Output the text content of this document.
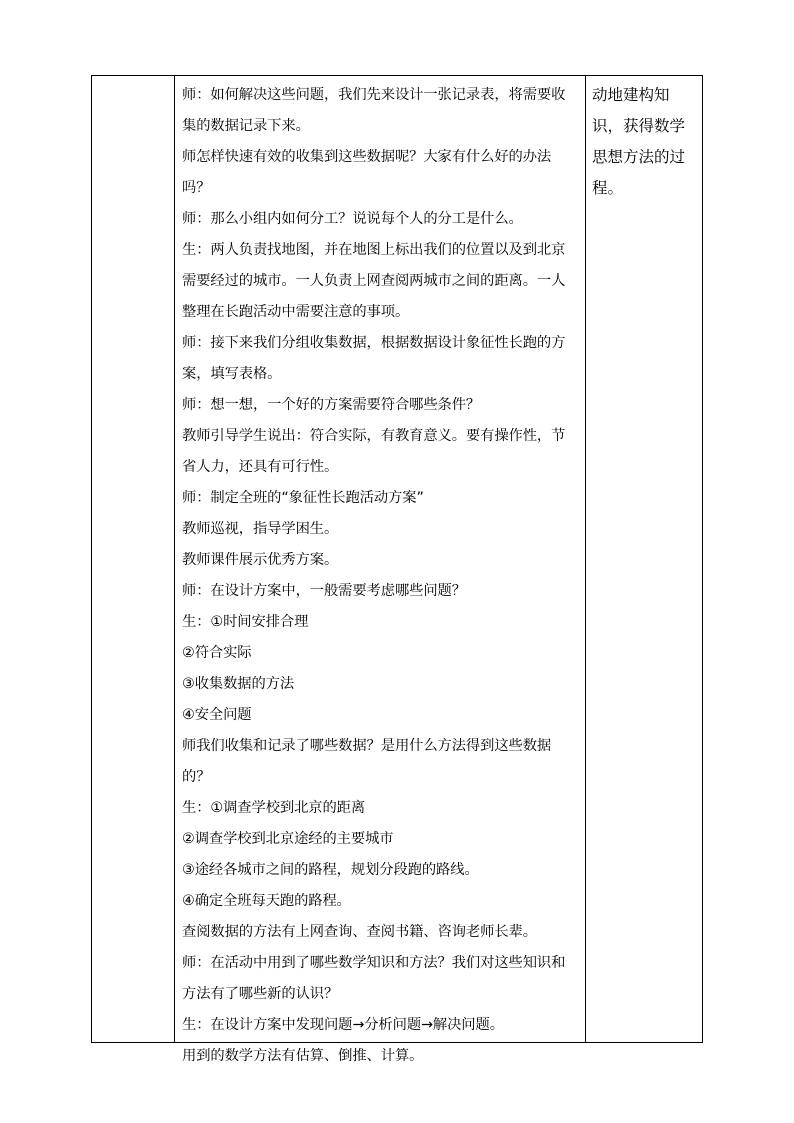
师：如何解决这些问题，我们先来设计一张记录表，将需要收集的数据记录下来。

师怎样快速有效的收集到这些数据呢？大家有什么好的办法吗？

师：那么小组内如何分工？说说每个人的分工是什么。

生：两人负责找地图，并在地图上标出我们的位置以及到北京需要经过的城市。一人负责上网查阅两城市之间的距离。一人整理在长跑活动中需要注意的事项。

师：接下来我们分组收集数据，根据数据设计象征性长跑的方案，填写表格。

师：想一想，一个好的方案需要符合哪些条件？

教师引导学生说出：符合实际，有教育意义。要有操作性，节省人力，还具有可行性。

师：制定全班的“象征性长跑活动方案”

教师巡视，指导学困生。

教师课件展示优秀方案。

师：在设计方案中，一般需要考虑哪些问题？

生：①时间安排合理

②符合实际

③收集数据的方法

④安全问题

师我们收集和记录了哪些数据？是用什么方法得到这些数据的？

生：①调查学校到北京的距离

②调查学校到北京途经的主要城市

③途经各城市之间的路程，规划分段跑的路线。

④确定全班每天跑的路程。

查阅数据的方法有上网查询、查阅书籍、咨询老师长辈。

师：在活动中用到了哪些数学知识和方法？我们对这些知识和方法有了哪些新的认识？

生：在设计方案中发现问题→分析问题→解决问题。

用到的数学方法有估算、倒推、计算。

动地建构知识，获得数学思想方法的过程。
